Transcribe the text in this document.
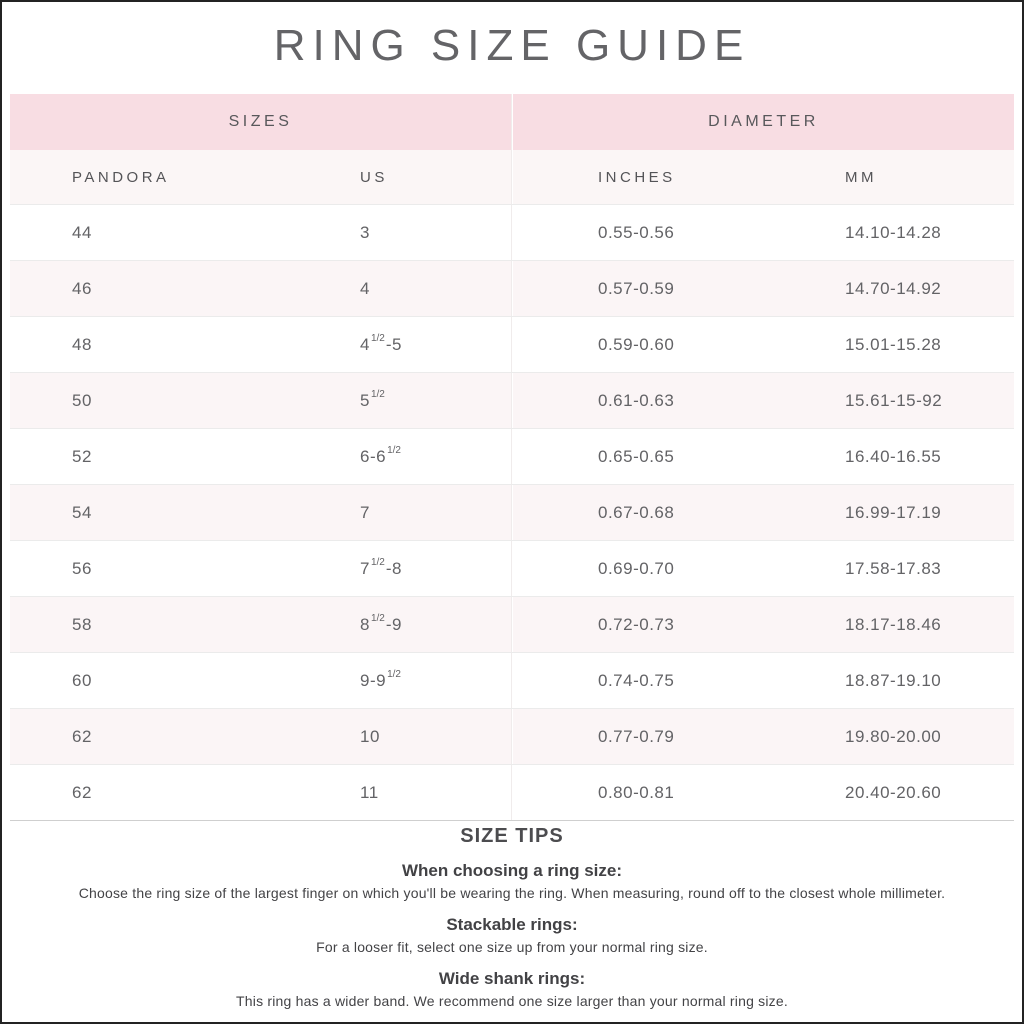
RING SIZE GUIDE
SIZES	DIAMETER
PANDORA	US	INCHES	MM
44	3	0.55-0.56	14.10-14.28
46	4	0.57-0.59	14.70-14.92
48	$4^{1/2}$ -5	0.59-0.60	15.01-15.28
50	$5^{1/2}$	0.61-0.63	15.61-15-92
52	$6-6^{1/2}$	0.65-0.65	16.40-16.55
54	7	0.67-0.68	16.99-17.19
56	$7^{1/2}$ -8	0.69-0.70	17.58-17.83
58	$8^{1/2}$ -9	0.72-0.73	18.17-18.46
60	$9-9^{1/2}$	0.74-0.75	18.87-19.10
62	10	0.77-0.79	19.80-20.00
62	11	0.80-0.81	20.40-20.60
SIZE TIPS
When choosing a ring size:
Choose the ring size of the largest finger on which you'll be wearing the ring. When measuring, round off to the closest whole millimeter.
Stackable rings:
For a looser fit, select one size up from your normal ring size.
Wide shank rings:
This ring has a wider band. We recommend one size larger than your normal ring size.
